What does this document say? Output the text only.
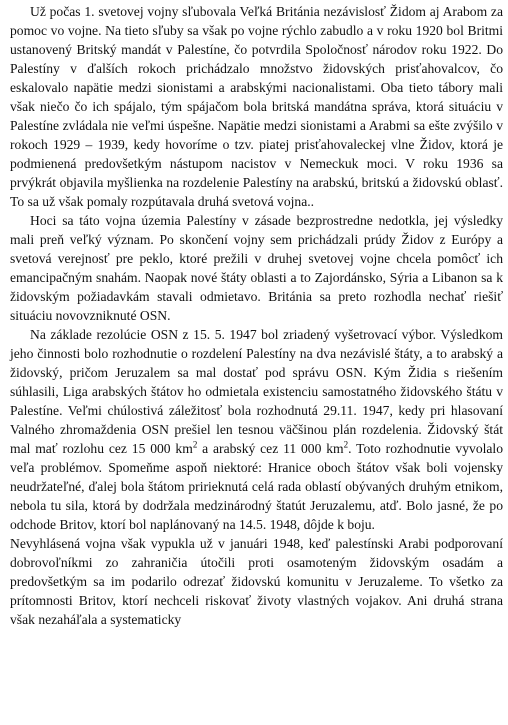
Už počas 1. svetovej vojny sľubovala Veľká Británia nezávislosť Židom aj Arabom za pomoc vo vojne. Na tieto sľuby sa však po vojne rýchlo zabudlo a v roku 1920 bol Britmi ustanovený Britský mandát v Palestíne, čo potvrdila Spoločnosť národov roku 1922. Do Palestíny v ďalších rokoch prichádzalo množstvo židovských prisťahovalcov, čo eskalovalo napätie medzi sionistami a arabskými nacionalistami. Oba tieto tábory mali však niečo čo ich spájalo, tým spájačom bola britská mandátna správa, ktorá situáciu v Palestíne zvládala nie veľmi úspešne. Napätie medzi sionistami a Arabmi sa ešte zvýšilo v rokoch 1929 – 1939, kedy hovoríme o tzv. piatej prisťahovaleckej vlne Židov, ktorá je podmienená predovšetkým nástupom nacistov v Nemeckuk moci. V roku 1936 sa prvýkrát objavila myšlienka na rozdelenie Palestíny na arabskú, britskú a židovskú oblasť. To sa už však pomaly rozpútavala druhá svetová vojna..

Hoci sa táto vojna územia Palestíny v zásade bezprostredne nedotkla, jej výsledky mali preň veľký význam. Po skončení vojny sem prichádzali prúdy Židov z Európy a svetová verejnosť pre peklo, ktoré prežili v druhej svetovej vojne chcela pomôcť ich emancipačným snahám. Naopak nové štáty oblasti a to Zajordánsko, Sýria a Libanon sa k židovským požiadavkám stavali odmietavo. Británia sa preto rozhodla nechať riešiť situáciu novovzniknuté OSN.

Na základe rezolúcie OSN z 15. 5. 1947 bol zriadený vyšetrovací výbor. Výsledkom jeho činnosti bolo rozhodnutie o rozdelení Palestíny na dva nezávislé štáty, a to arabský a židovský, pričom Jeruzalem sa mal dostať pod správu OSN. Kým Židia s riešením súhlasili, Liga arabských štátov ho odmietala existenciu samostatného židovského štátu v Palestíne. Veľmi chúlostivá záležitosť bola rozhodnutá 29.11. 1947, kedy pri hlasovaní Valného zhromaždenia OSN prešiel len tesnou väčšinou plán rozdelenia. Židovský štát mal mať rozlohu cez 15 000 $km^2$ a arabský cez 11 000 $km^2$. Toto rozhodnutie vyvolalo veľa problémov. Spomeňme aspoň niektoré: Hranice oboch štátov však boli vojensky neudržateľné, ďalej bola štátom pririeknutá celá rada oblastí obývaných druhým etnikom, nebola tu sila, ktorá by dodržala medzinárodný štatút Jeruzalemu, atď. Bolo jasné, že po odchode Britov, ktorí bol naplánovaný na 14.5. 1948, dôjde k boju.

Nevyhlásená vojna však vypukla už v januári 1948, keď palestínski Arabi podporovaní dobrovoľníkmi zo zahraničia útočili proti osamoteným židovským osadám a predovšetkým sa im podarilo odrezať židovskú komunitu v Jeruzaleme. To všetko za prítomnosti Britov, ktorí nechceli riskovať životy vlastných vojakov. Ani druhá strana však nezaháľala a systematicky
